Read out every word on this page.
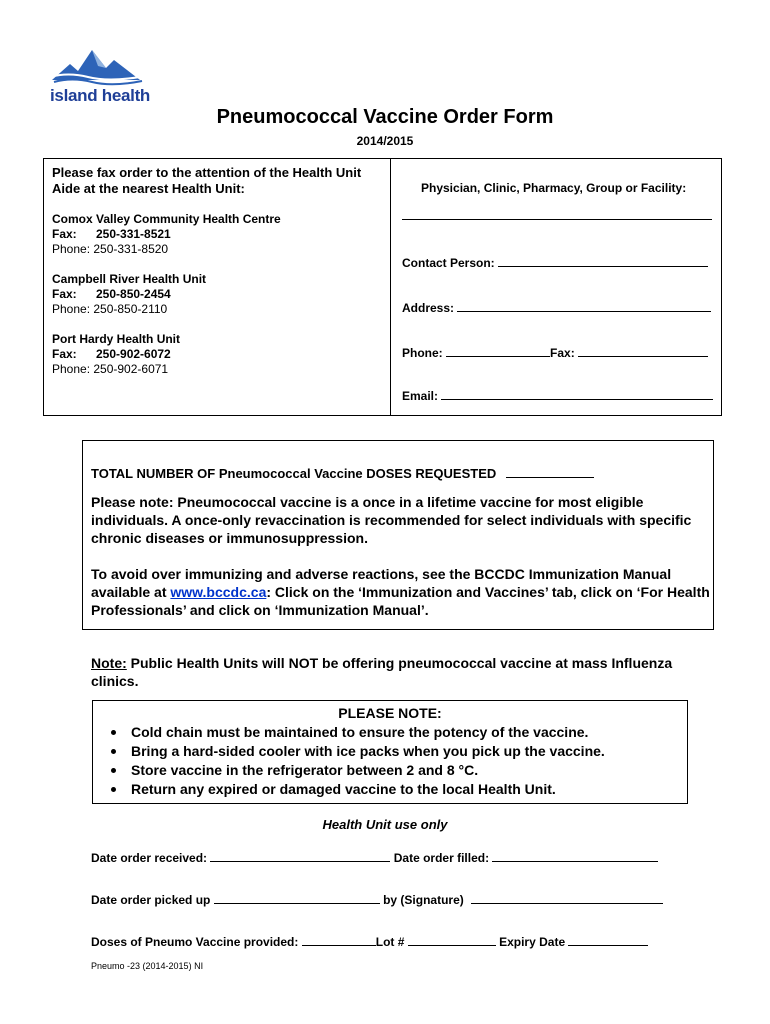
island health
Pneumococcal Vaccine Order Form
2014/2015
Please fax order to the attention of the Health Unit Aide at the nearest Health Unit:
Comox Valley Community Health Centre
Fax: 250-331-8521
Phone: 250-331-8520
Campbell River Health Unit
Fax: 250-850-2454
Phone: 250-850-2110
Port Hardy Health Unit
Fax: 250-902-6072
Phone: 250-902-6071
Physician, Clinic, Pharmacy, Group or Facility:
Contact Person:
Address:
Phone:	Fax:
Email:
TOTAL NUMBER OF Pneumococcal Vaccine DOSES REQUESTED
Please note: Pneumococcal vaccine is a once in a lifetime vaccine for most eligible individuals. A once-only revaccination is recommended for select individuals with specific chronic diseases or immunosuppression.
To avoid over immunizing and adverse reactions, see the BCCDC Immunization Manual available at www.bccdc.ca: Click on the ‘Immunization and Vaccines’ tab, click on ‘For Health Professionals’ and click on ‘Immunization Manual’.
Note: Public Health Units will NOT be offering pneumococcal vaccine at mass Influenza clinics.
PLEASE NOTE:
Cold chain must be maintained to ensure the potency of the vaccine.
Bring a hard-sided cooler with ice packs when you pick up the vaccine.
Store vaccine in the refrigerator between 2 and 8 °C.
Return any expired or damaged vaccine to the local Health Unit.
Health Unit use only
Date order received:	Date order filled:
Date order picked up	by (Signature)
Doses of Pneumo Vaccine provided:	Lot #	Expiry Date
Pneumo -23 (2014-2015) NI
